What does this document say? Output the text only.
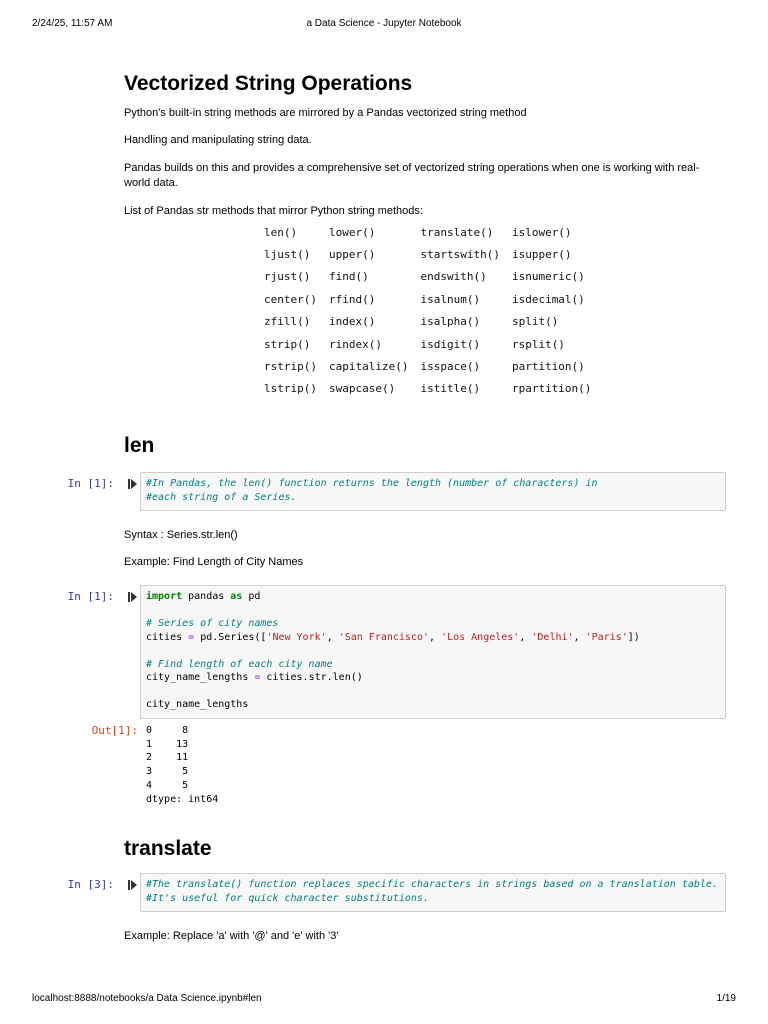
2/24/25, 11:57 AM	a Data Science - Jupyter Notebook
Vectorized String Operations

Python's built-in string methods are mirrored by a Pandas vectorized string method

Handling and manipulating string data.

Pandas builds on this and provides a comprehensive set of vectorized string operations when one is working with real-world data.

List of Pandas str methods that mirror Python string methods:

len()	lower()	translate()	islower()
ljust()	upper()	startswith()	isupper()
rjust()	find()	endswith()	isnumeric()
center()	rfind()	isalnum()	isdecimal()
zfill()	index()	isalpha()	split()
strip()	rindex()	isdigit()	rsplit()
rstrip()	capitalize()	isspace()	partition()
lstrip()	swapcase()	istitle()	rpartition()
len
In [1]:	#In Pandas, the len() function returns the length (number of characters) in
#each string of a Series.

Syntax : Series.str.len()

Example: Find Length of City Names

In [1]:	import pandas as pd

# Series of city names
cities = pd.Series(['New York', 'San Francisco', 'Los Angeles', 'Delhi', 'Paris'])

# Find length of each city name
city_name_lengths = cities.str.len()

city_name_lengths
Out[1]: 0     8
1    13
2    11
3     5
4     5
dtype: int64
translate
In [3]:	#The translate() function replaces specific characters in strings based on a translation table.
#It's useful for quick character substitutions.

Example: Replace 'a' with '@' and 'e' with '3'

localhost:8888/notebooks/a Data Science.ipynb#len	1/19
